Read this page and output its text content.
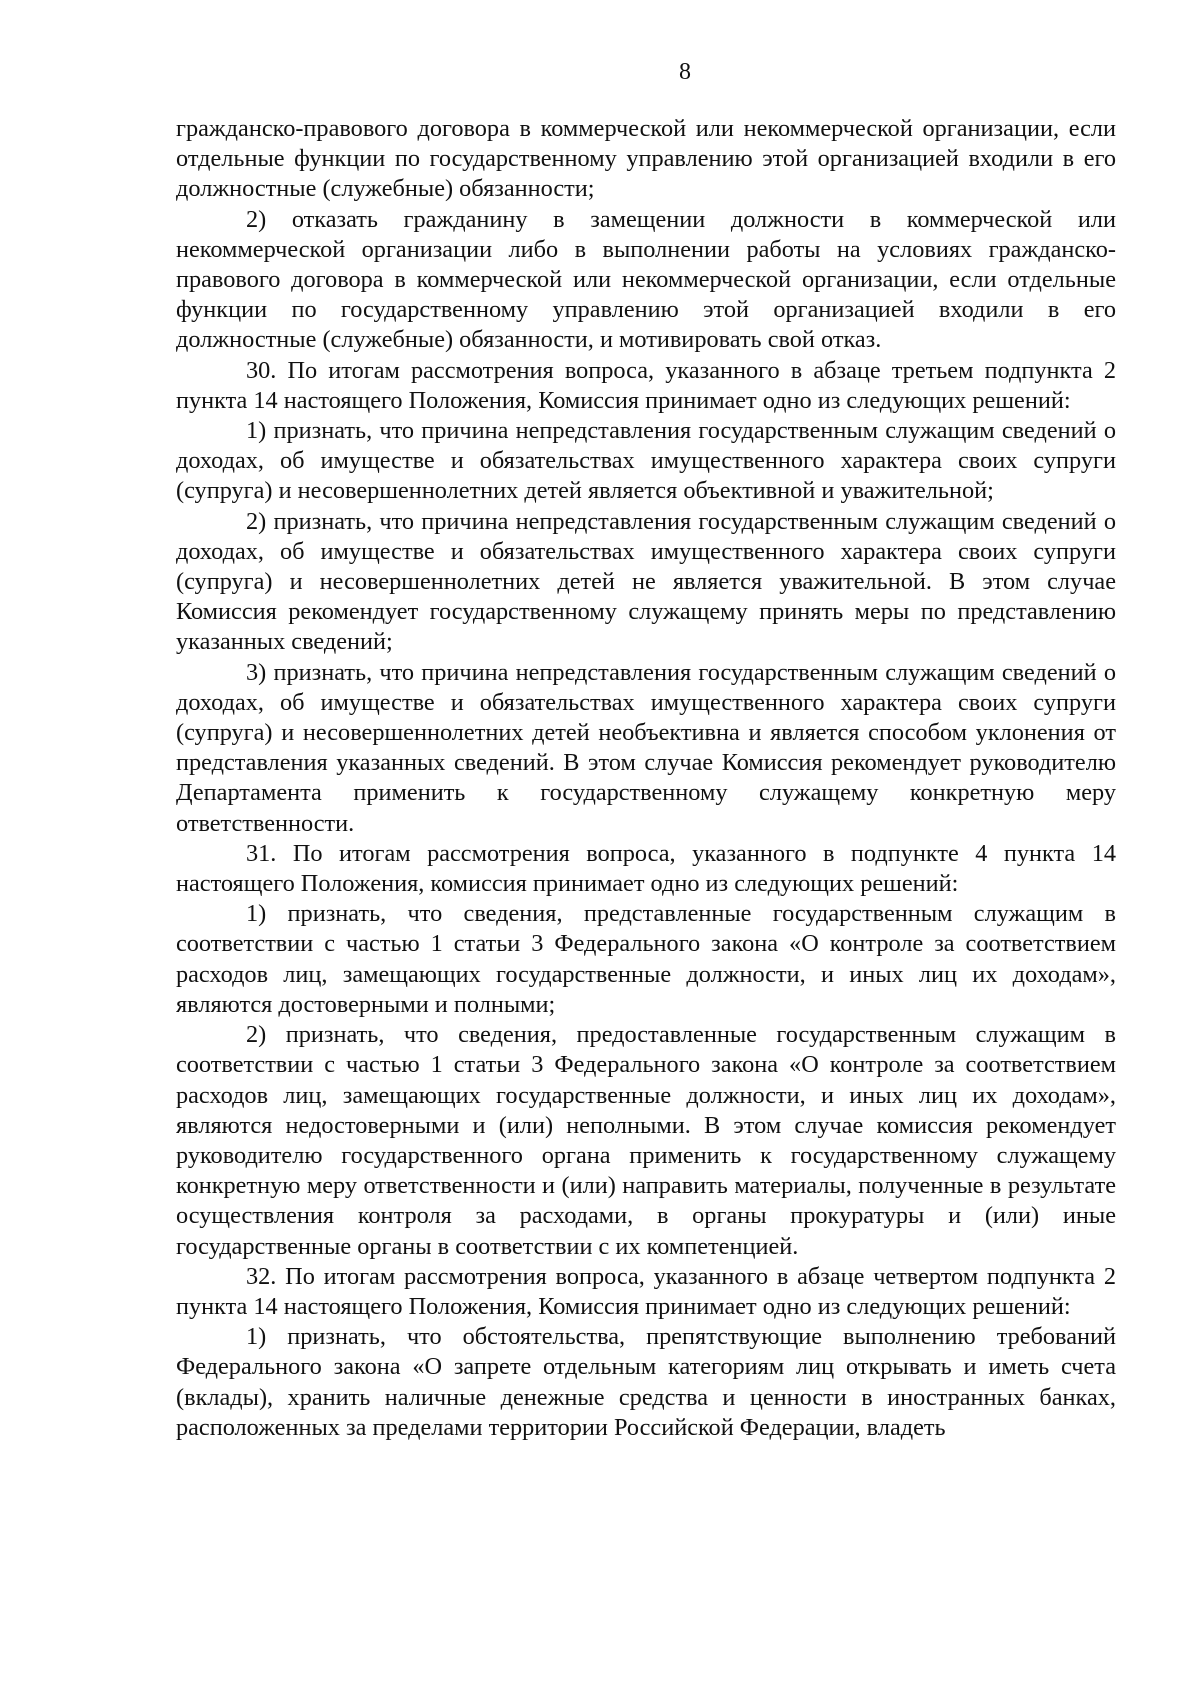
8

гражданско-правового договора в коммерческой или некоммерческой организации, если отдельные функции по государственному управлению этой организацией входили в его должностные (служебные) обязанности;

2) отказать гражданину в замещении должности в коммерческой или некоммерческой организации либо в выполнении работы на условиях гражданско-правового договора в коммерческой или некоммерческой организации, если отдельные функции по государственному управлению этой организацией входили в его должностные (служебные) обязанности, и мотивировать свой отказ.

30. По итогам рассмотрения вопроса, указанного в абзаце третьем подпункта 2 пункта 14 настоящего Положения, Комиссия принимает одно из следующих решений:

1) признать, что причина непредставления государственным служащим сведений о доходах, об имуществе и обязательствах имущественного характера своих супруги (супруга) и несовершеннолетних детей является объективной и уважительной;

2) признать, что причина непредставления государственным служащим сведений о доходах, об имуществе и обязательствах имущественного характера своих супруги (супруга) и несовершеннолетних детей не является уважительной. В этом случае Комиссия рекомендует государственному служащему принять меры по представлению указанных сведений;

3) признать, что причина непредставления государственным служащим сведений о доходах, об имуществе и обязательствах имущественного характера своих супруги (супруга) и несовершеннолетних детей необъективна и является способом уклонения от представления указанных сведений. В этом случае Комиссия рекомендует руководителю Департамента применить к государственному служащему конкретную меру ответственности.

31. По итогам рассмотрения вопроса, указанного в подпункте 4 пункта 14 настоящего Положения, комиссия принимает одно из следующих решений:

1) признать, что сведения, представленные государственным служащим в соответствии с частью 1 статьи 3 Федерального закона «О контроле за соответствием расходов лиц, замещающих государственные должности, и иных лиц их доходам», являются достоверными и полными;

2) признать, что сведения, предоставленные государственным служащим в соответствии с частью 1 статьи 3 Федерального закона «О контроле за соответствием расходов лиц, замещающих государственные должности, и иных лиц их доходам», являются недостоверными и (или) неполными. В этом случае комиссия рекомендует руководителю государственного органа применить к государственному служащему конкретную меру ответственности и (или) направить материалы, полученные в результате осуществления контроля за расходами, в органы прокуратуры и (или) иные государственные органы в соответствии с их компетенцией.

32. По итогам рассмотрения вопроса, указанного в абзаце четвертом подпункта 2 пункта 14 настоящего Положения, Комиссия принимает одно из следующих решений:

1) признать, что обстоятельства, препятствующие выполнению требований Федерального закона «О запрете отдельным категориям лиц открывать и иметь счета (вклады), хранить наличные денежные средства и ценности в иностранных банках, расположенных за пределами территории Российской Федерации, владеть
